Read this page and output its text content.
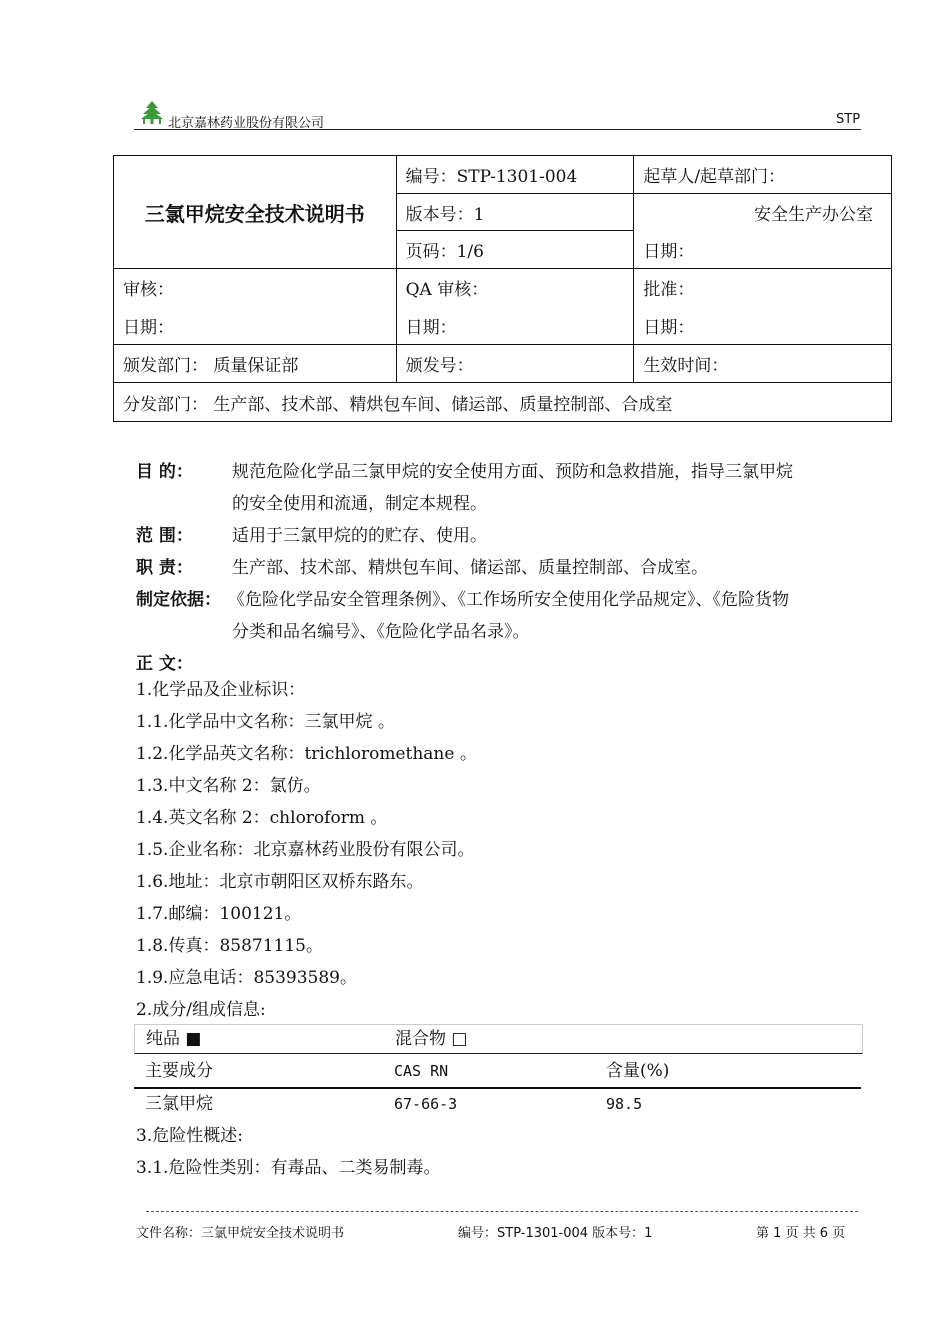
北京嘉林药业股份有限公司	STP
三氯甲烷安全技术说明书	编号：STP-1301-004	起草人/起草部门：
	版本号：1	安全生产办公室
	页码：1/6	日期：
审核：	QA 审核：	批准：
日期：	日期：	日期：
颁发部门： 质量保证部	颁发号：	生效时间：
分发部门： 生产部、技术部、精烘包车间、储运部、质量控制部、合成室		
目 的： 规范危险化学品三氯甲烷的安全使用方面、预防和急救措施，指导三氯甲烷
的安全使用和流通，制定本规程。
范 围： 适用于三氯甲烷的的贮存、使用。
职 责： 生产部、技术部、精烘包车间、储运部、质量控制部、合成室。
制定依据： 《危险化学品安全管理条例》、《工作场所安全使用化学品规定》、《危险货物
分类和品名编号》、《危险化学品名录》。
正 文：
1.化学品及企业标识：
1.1.化学品中文名称：三氯甲烷 。
1.2.化学品英文名称：trichloromethane 。
1.3.中文名称 2：氯仿。
1.4.英文名称 2：chloroform 。
1.5.企业名称：北京嘉林药业股份有限公司。
1.6.地址：北京市朝阳区双桥东路东。
1.7.邮编：100121。
1.8.传真：85871115。
1.9.应急电话：85393589。
2.成分/组成信息:
纯品 ■	混合物 □
主要成分	CAS RN	含量(%)
三氯甲烷	67-66-3	98.5
3.危险性概述:
3.1.危险性类别：有毒品、二类易制毒。
文件名称：三氯甲烷安全技术说明书	编号：STP-1301-004 版本号：1	第 1 页 共 6 页
